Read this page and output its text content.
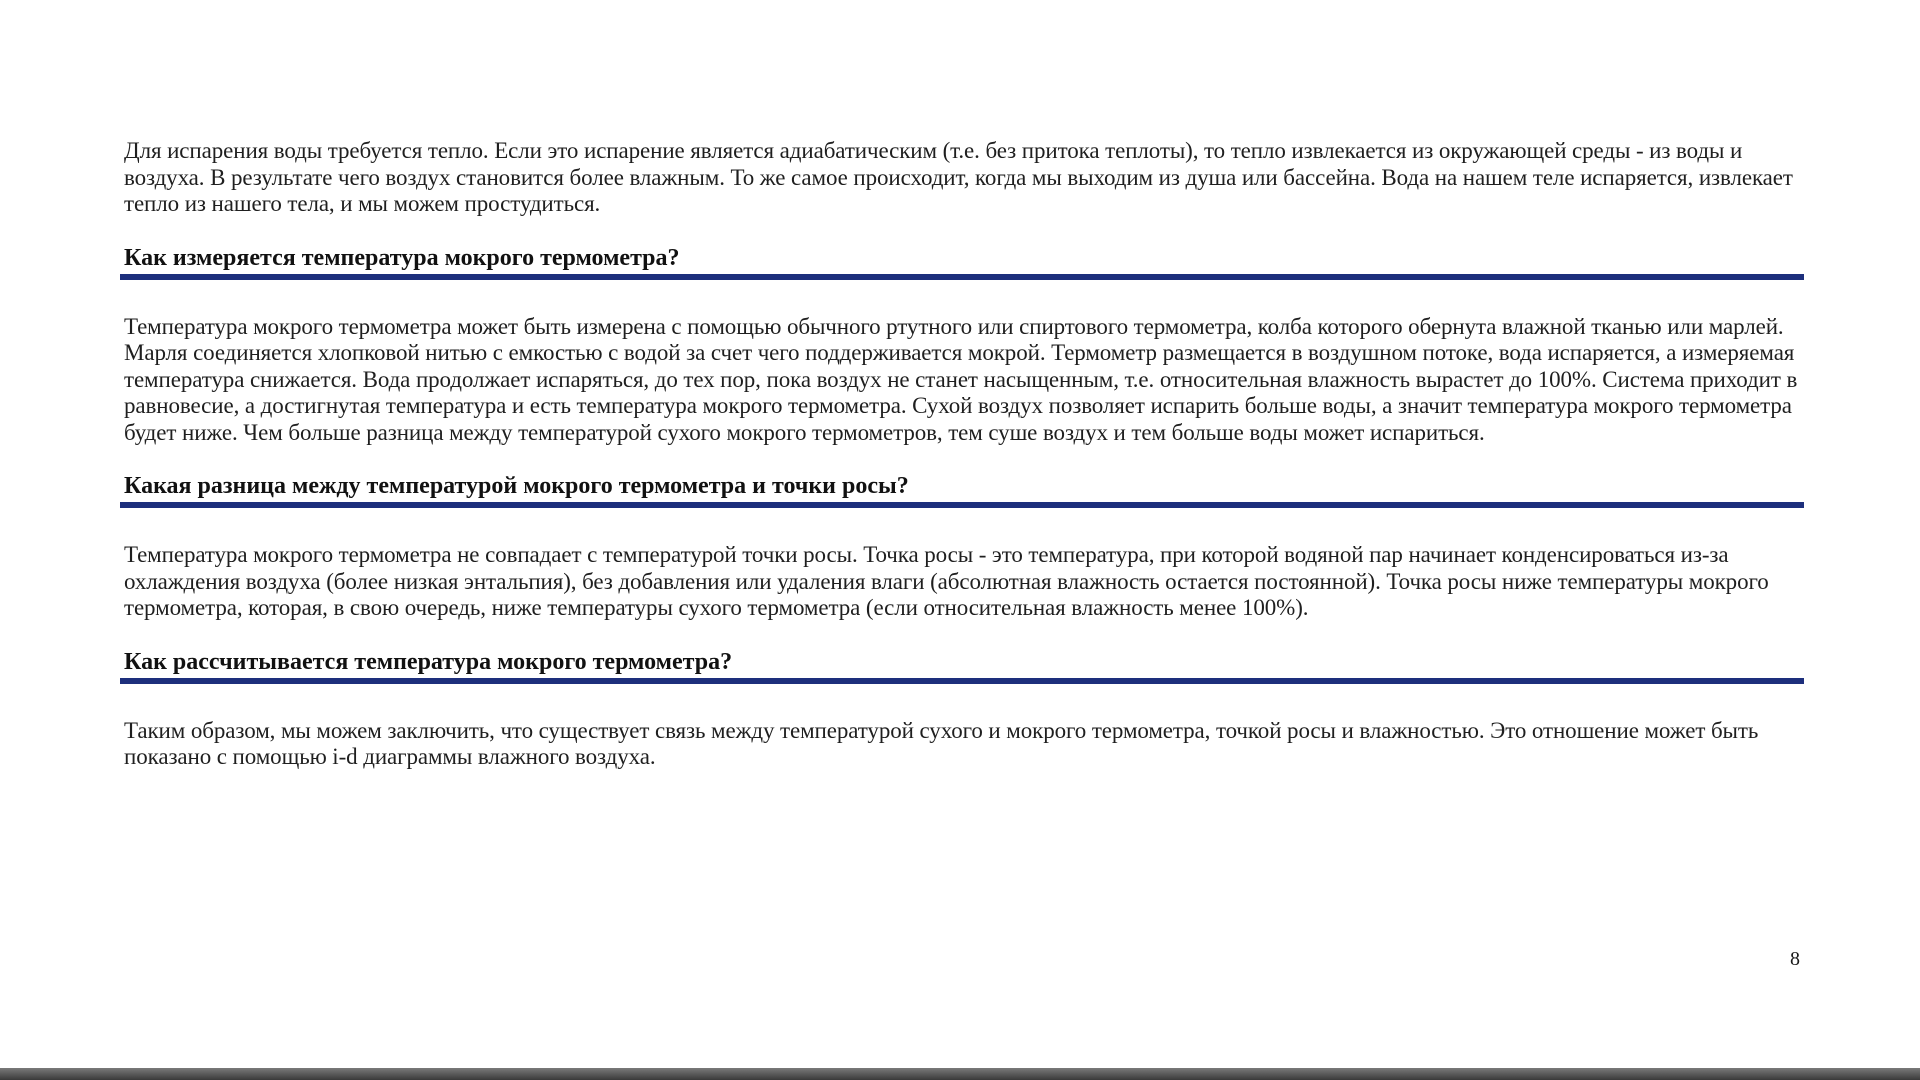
Для испарения воды требуется тепло. Если это испарение является адиабатическим (т.е. без притока теплоты), то тепло извлекается из окружающей среды - из воды и воздуха. В результате чего воздух становится более влажным. То же самое происходит, когда мы выходим из душа или бассейна. Вода на нашем теле испаряется, извлекает тепло из нашего тела, и мы можем простудиться.

Как измеряется температура мокрого термометра?

Температура мокрого термометра может быть измерена с помощью обычного ртутного или спиртового термометра, колба которого обернута влажной тканью или марлей. Марля соединяется хлопковой нитью с емкостью с водой за счет чего поддерживается мокрой. Термометр размещается в воздушном потоке, вода испаряется, а измеряемая температура снижается. Вода продолжает испаряться, до тех пор, пока воздух не станет насыщенным, т.е. относительная влажность вырастет до 100%. Система приходит в равновесие, а достигнутая температура и есть температура мокрого термометра. Сухой воздух позволяет испарить больше воды, а значит температура мокрого термометра будет ниже. Чем больше разница между температурой сухого мокрого термометров, тем суше воздух и тем больше воды может испариться.

Какая разница между температурой мокрого термометра и точки росы?

Температура мокрого термометра не совпадает с температурой точки росы. Точка росы - это температура, при которой водяной пар начинает конденсироваться из-за охлаждения воздуха (более низкая энтальпия), без добавления или удаления влаги (абсолютная влажность остается постоянной). Точка росы ниже температуры мокрого термометра, которая, в свою очередь, ниже температуры сухого термометра (если относительная влажность менее 100%).

Как рассчитывается температура мокрого термометра?

Таким образом, мы можем заключить, что существует связь между температурой сухого и мокрого термометра, точкой росы и влажностью. Это отношение может быть показано с помощью i-d диаграммы влажного воздуха.

8
